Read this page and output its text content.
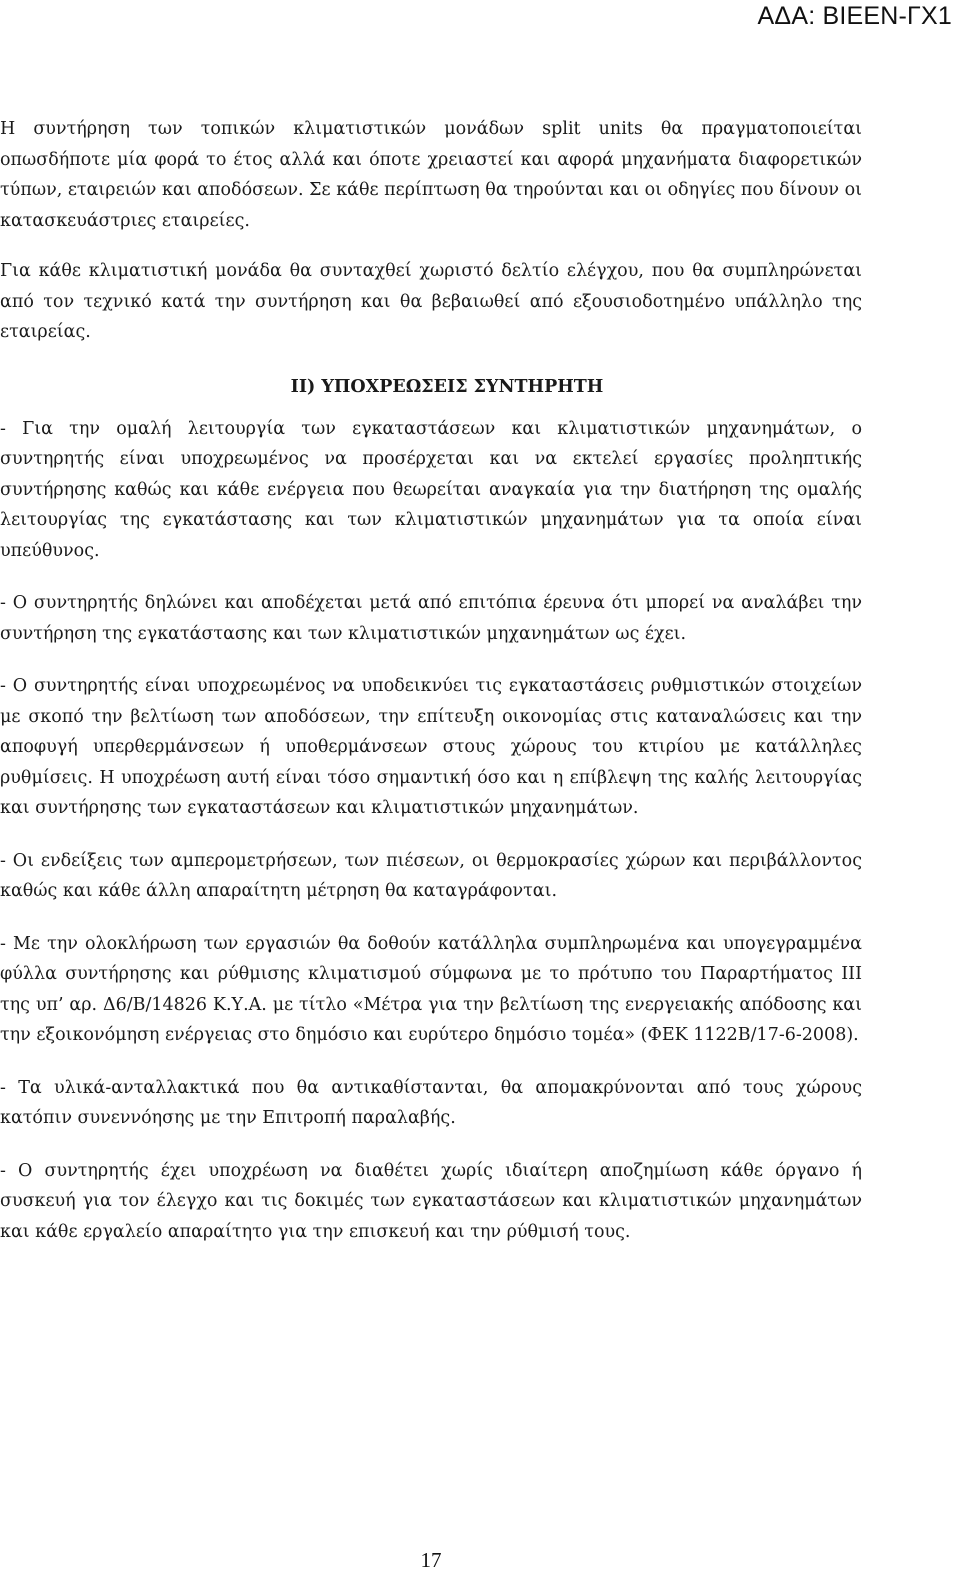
ΑΔΑ: ΒΙΕΕΝ-ΓΧ1

Η συντήρηση των τοπικών κλιματιστικών μονάδων split units θα πραγματοποιείται οπωσδήποτε μία φορά το έτος αλλά και όποτε χρειαστεί και αφορά μηχανήματα διαφορετικών τύπων, εταιρειών και αποδόσεων. Σε κάθε περίπτωση θα τηρούνται και οι οδηγίες που δίνουν οι κατασκευάστριες εταιρείες.

Για κάθε κλιματιστική μονάδα θα συνταχθεί χωριστό δελτίο ελέγχου, που θα συμπληρώνεται από τον τεχνικό κατά την συντήρηση και θα βεβαιωθεί από εξουσιοδοτημένο υπάλληλο της εταιρείας.

ΙΙ) ΥΠΟΧΡΕΩΣΕΙΣ ΣΥΝΤΗΡΗΤΗ

- Για την ομαλή λειτουργία των εγκαταστάσεων και κλιματιστικών μηχανημάτων, ο συντηρητής είναι υποχρεωμένος να προσέρχεται και να εκτελεί εργασίες προληπτικής συντήρησης καθώς και κάθε ενέργεια που θεωρείται αναγκαία για την διατήρηση της ομαλής λειτουργίας της εγκατάστασης και των κλιματιστικών μηχανημάτων για τα οποία είναι υπεύθυνος.

- Ο συντηρητής δηλώνει και αποδέχεται μετά από επιτόπια έρευνα ότι μπορεί να αναλάβει την συντήρηση της εγκατάστασης και των κλιματιστικών μηχανημάτων ως έχει.

- Ο συντηρητής είναι υποχρεωμένος να υποδεικνύει τις εγκαταστάσεις ρυθμιστικών στοιχείων με σκοπό την βελτίωση των αποδόσεων, την επίτευξη οικονομίας στις καταναλώσεις και την αποφυγή υπερθερμάνσεων ή υποθερμάνσεων στους χώρους του κτιρίου με κατάλληλες ρυθμίσεις. Η υποχρέωση αυτή είναι τόσο σημαντική όσο και η επίβλεψη της καλής λειτουργίας και συντήρησης των εγκαταστάσεων και κλιματιστικών μηχανημάτων.

- Οι ενδείξεις των αμπερομετρήσεων, των πιέσεων, οι θερμοκρασίες χώρων και περιβάλλοντος καθώς και κάθε άλλη απαραίτητη μέτρηση θα καταγράφονται.

- Με την ολοκλήρωση των εργασιών θα δοθούν κατάλληλα συμπληρωμένα και υπογεγραμμένα φύλλα συντήρησης και ρύθμισης κλιματισμού σύμφωνα με το πρότυπο του Παραρτήματος ΙΙΙ της υπ’ αρ. Δ6/Β/14826 Κ.Υ.Α. με τίτλο «Μέτρα για την βελτίωση της ενεργειακής απόδοσης και την εξοικονόμηση ενέργειας στο δημόσιο και ευρύτερο δημόσιο τομέα» (ΦΕΚ 1122Β/17-6-2008).

- Τα υλικά-ανταλλακτικά που θα αντικαθίστανται, θα απομακρύνονται από τους χώρους κατόπιν συνεννόησης με την Επιτροπή παραλαβής.

- Ο συντηρητής έχει υποχρέωση να διαθέτει χωρίς ιδιαίτερη αποζημίωση κάθε όργανο ή συσκευή για τον έλεγχο και τις δοκιμές των εγκαταστάσεων και κλιματιστικών μηχανημάτων και κάθε εργαλείο απαραίτητο για την επισκευή και την ρύθμισή τους.

17
